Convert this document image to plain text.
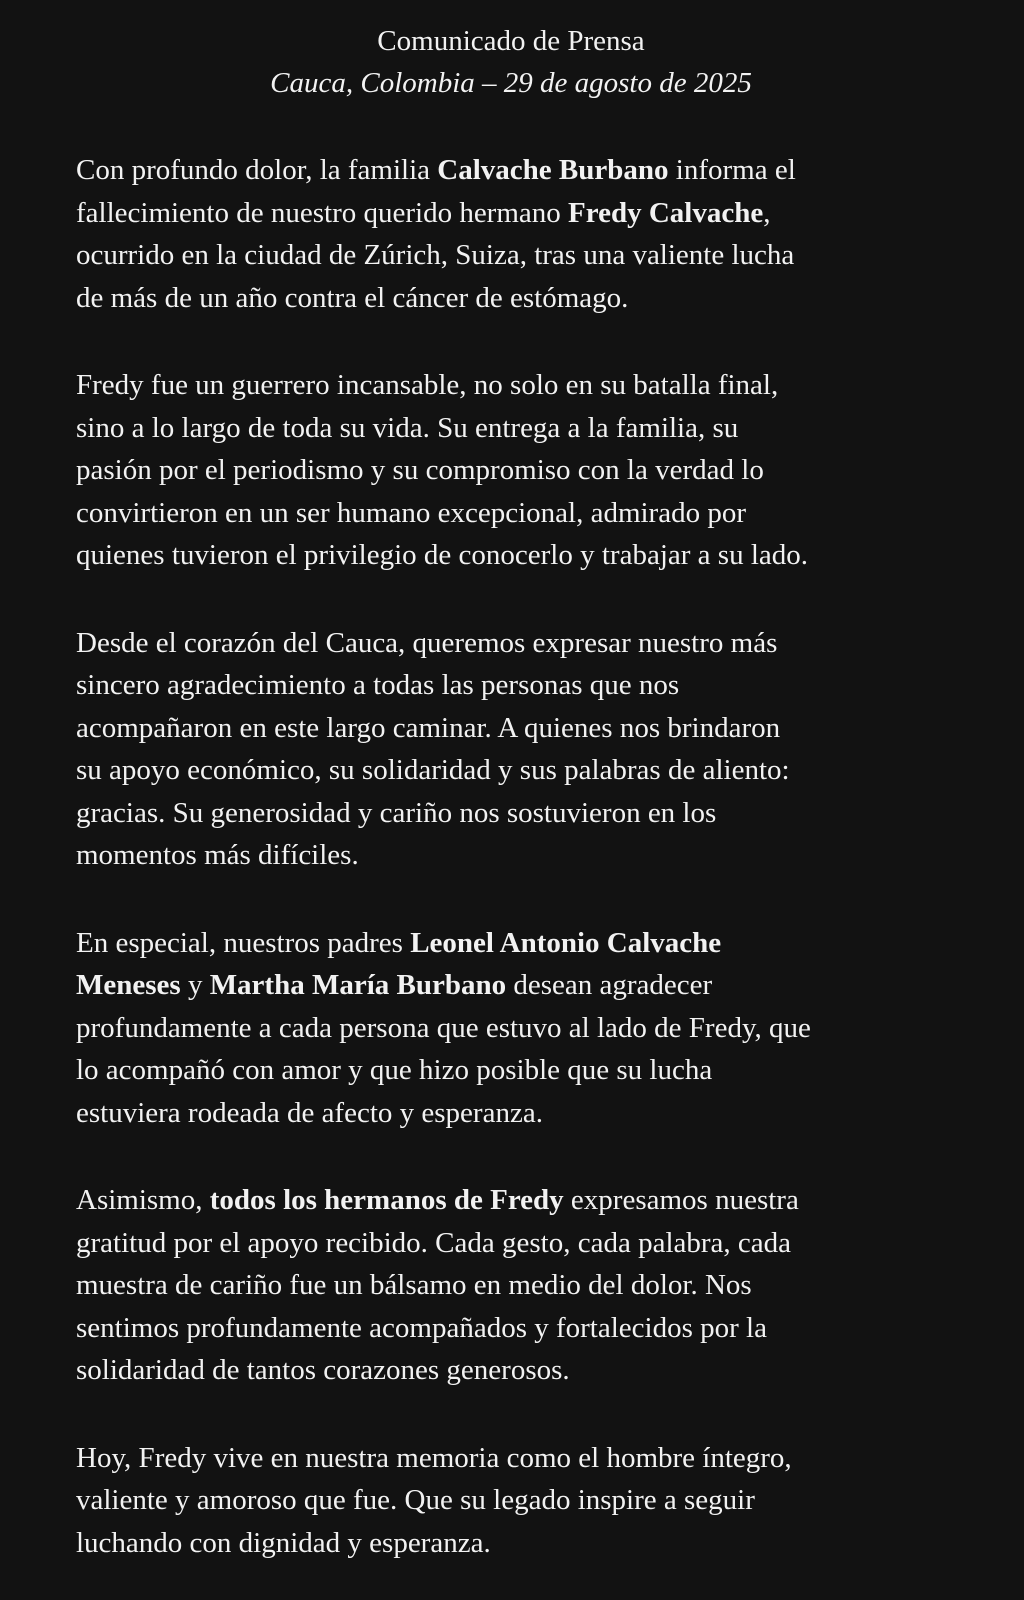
Comunicado de Prensa
Cauca, Colombia – 29 de agosto de 2025

Con profundo dolor, la familia Calvache Burbano informa el
fallecimiento de nuestro querido hermano Fredy Calvache,
ocurrido en la ciudad de Zúrich, Suiza, tras una valiente lucha
de más de un año contra el cáncer de estómago.

Fredy fue un guerrero incansable, no solo en su batalla final,
sino a lo largo de toda su vida. Su entrega a la familia, su
pasión por el periodismo y su compromiso con la verdad lo
convirtieron en un ser humano excepcional, admirado por
quienes tuvieron el privilegio de conocerlo y trabajar a su lado.

Desde el corazón del Cauca, queremos expresar nuestro más
sincero agradecimiento a todas las personas que nos
acompañaron en este largo caminar. A quienes nos brindaron
su apoyo económico, su solidaridad y sus palabras de aliento:
gracias. Su generosidad y cariño nos sostuvieron en los
momentos más difíciles.

En especial, nuestros padres Leonel Antonio Calvache
Meneses y Martha María Burbano desean agradecer
profundamente a cada persona que estuvo al lado de Fredy, que
lo acompañó con amor y que hizo posible que su lucha
estuviera rodeada de afecto y esperanza.

Asimismo, todos los hermanos de Fredy expresamos nuestra
gratitud por el apoyo recibido. Cada gesto, cada palabra, cada
muestra de cariño fue un bálsamo en medio del dolor. Nos
sentimos profundamente acompañados y fortalecidos por la
solidaridad de tantos corazones generosos.

Hoy, Fredy vive en nuestra memoria como el hombre íntegro,
valiente y amoroso que fue. Que su legado inspire a seguir
luchando con dignidad y esperanza.
